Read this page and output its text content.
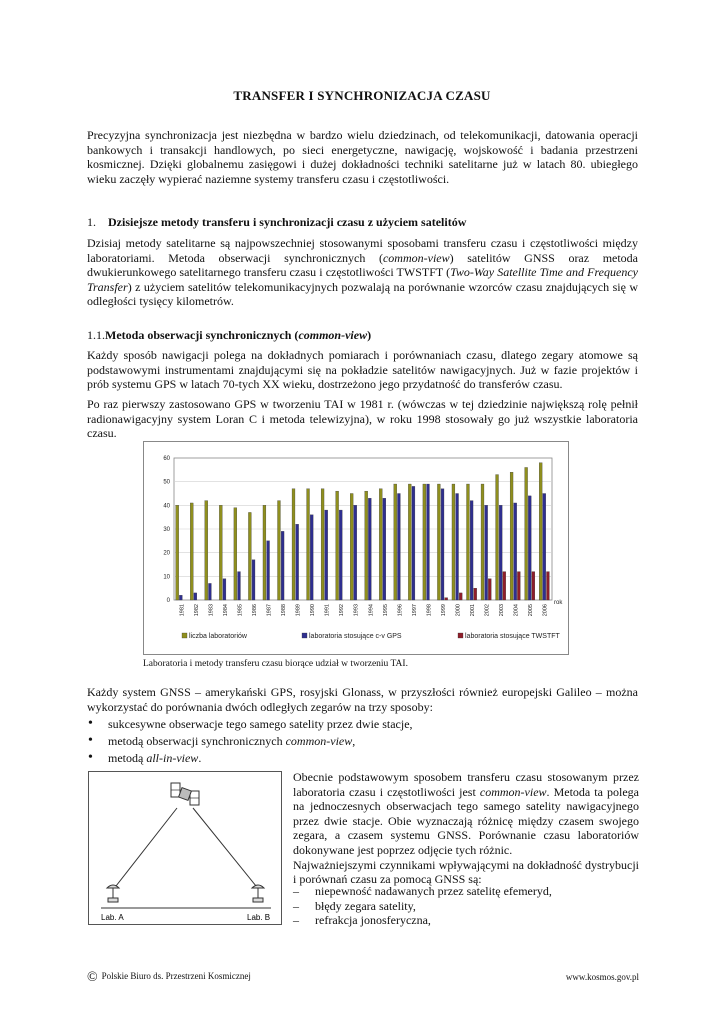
TRANSFER I SYNCHRONIZACJA CZASU

Precyzyjna synchronizacja jest niezbędna w bardzo wielu dziedzinach, od telekomunikacji, datowania operacji bankowych i transakcji handlowych, po sieci energetyczne, nawigację, wojskowość i badania przestrzeni kosmicznej. Dzięki globalnemu zasięgowi i dużej dokładności techniki satelitarne już w latach 80. ubiegłego wieku zaczęły wypierać naziemne systemy transferu czasu i częstotliwości.

1. Dzisiejsze metody transferu i synchronizacji czasu z użyciem satelitów

Dzisiaj metody satelitarne są najpowszechniej stosowanymi sposobami transferu czasu i częstotliwości między laboratoriami. Metoda obserwacji synchronicznych (common-view) satelitów GNSS oraz metoda dwukierunkowego satelitarnego transferu czasu i częstotliwości TWSTFT (Two-Way Satellite Time and Frequency Transfer) z użyciem satelitów telekomunikacyjnych pozwalają na porównanie wzorców czasu znajdujących się w odległości tysięcy kilometrów.

1.1.Metoda obserwacji synchronicznych (common-view)

Każdy sposób nawigacji polega na dokładnych pomiarach i porównaniach czasu, dlatego zegary atomowe są podstawowymi instrumentami znajdującymi się na pokładzie satelitów nawigacyjnych. Już w fazie projektów i prób systemu GPS w latach 70-tych XX wieku, dostrzeżono jego przydatność do transferów czasu.

Po raz pierwszy zastosowano GPS w tworzeniu TAI w 1981 r. (wówczas w tej dziedzinie największą rolę pełnił radionawigacyjny system Loran C i metoda telewizyjna), w roku 1998 stosowały go już wszystkie laboratoria czasu.

0
10
20
30
40
50
60
1981 1982 1983 1984 1985 1986 1987 1988 1989 1990 1991 1992 1993 1994 1995 1996 1997 1998 1999 2000 2001 2002 2003 2004 2005 2006
rok
liczba laboratoriów	laboratoria stosujące c-v GPS	laboratoria stosujące TWSTFT
Laboratoria i metody transferu czasu biorące udział w tworzeniu TAI.

Każdy system GNSS – amerykański GPS, rosyjski Glonass, w przyszłości również europejski Galileo – można wykorzystać do porównania dwóch odległych zegarów na trzy sposoby:

• sukcesywne obserwacje tego samego satelity przez dwie stacje,
• metodą obserwacji synchronicznych common-view,
• metodą all-in-view.
Lab. A	Lab. B

Obecnie podstawowym sposobem transferu czasu stosowanym przez laboratoria czasu i częstotliwości jest common-view. Metoda ta polega na jednoczesnych obserwacjach tego samego satelity nawigacyjnego przez dwie stacje. Obie wyznaczają różnicę między czasem swojego zegara, a czasem systemu GNSS. Porównanie czasu laboratoriów dokonywane jest poprzez odjęcie tych różnic.
Najważniejszymi czynnikami wpływającymi na dokładność dystrybucji i porównań czasu za pomocą GNSS są:

– niepewność nadawanych przez satelitę efemeryd,
– błędy zegara satelity,
– refrakcja jonosferyczna,
© Polskie Biuro ds. Przestrzeni Kosmicznej	www.kosmos.gov.pl
